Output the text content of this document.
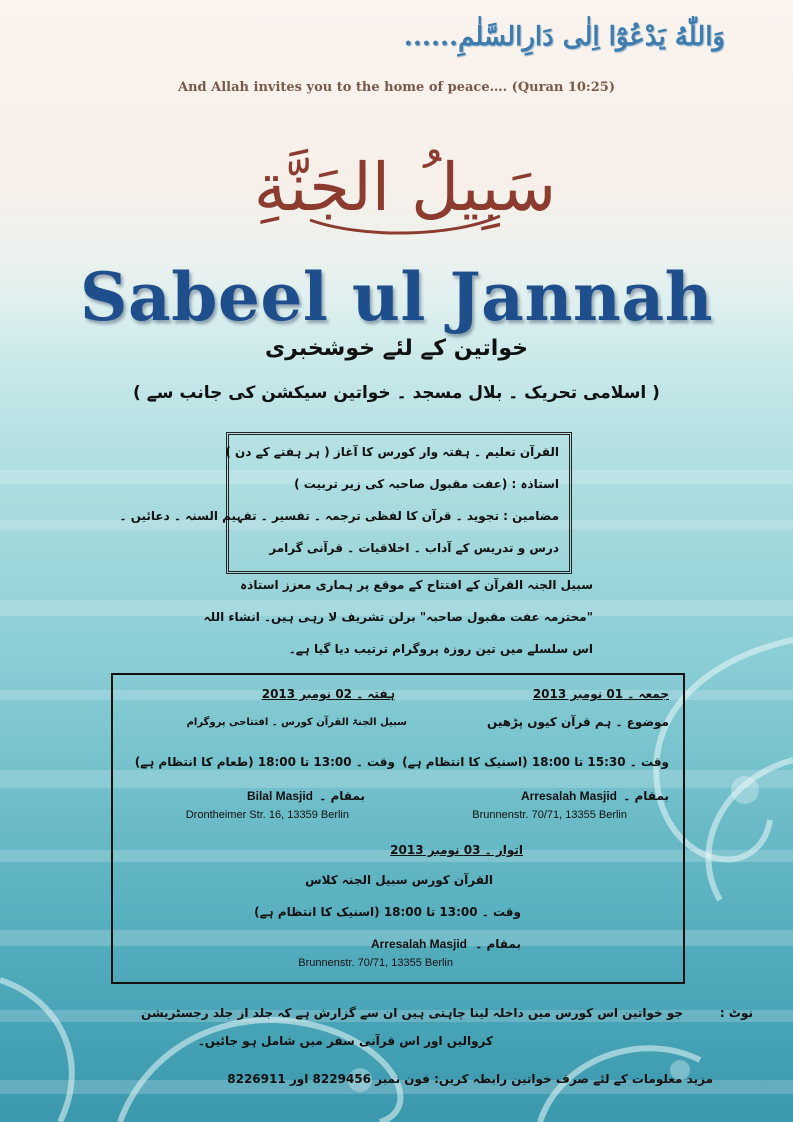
وَاللّٰهُ يَدْعُوْٓا اِلٰى دَارِالسَّلٰمِ......
And Allah invites you to the home of peace…. (Quran 10:25)
سَبِيلُ الجَنَّةِ
Sabeel ul Jannah
خواتین کے لئے خوشخبری
( اسلامی تحریک ۔ بلال مسجد ۔ خواتین سیکشن کی جانب سے )
القرآن تعلیم ۔ ہفتہ وار کورس کا آغاز ( ہر ہفتے کے دن )
استاذہ : (عفت مقبول صاحبہ کی زیر تربیت )
مضامین : تجوید ۔ قرآن کا لفظی ترجمہ ۔ تفسیر ۔ تفہیم السنہ ۔ دعائیں ۔
درس و تدریس کے آداب ۔ اخلاقیات ۔ قرآنی گرامر
سبیل الجنہ القرآن کے افتتاح کے موقع پر ہماری معزز استاذہ
"محترمہ عفت مقبول صاحبہ" برلن تشریف لا رہی ہیں۔ انشاء اللہ
اس سلسلے میں تین روزہ پروگرام ترتیب دیا گیا ہے۔
جمعہ ۔ 01 نومبر 2013
موضوع ۔ ہم قرآن کیوں پڑھیں
وقت ۔ 15:30 تا 18:00 (اسنیک کا انتظام ہے)
بمقام ۔
Arresalah Masjid
Brunnenstr. 70/71, 13355 Berlin
ہفتہ ۔ 02 نومبر 2013
سبیل الجنۃ القرآن کورس ۔ افتتاحی پروگرام
وقت ۔ 13:00 تا 18:00 (طعام کا انتظام ہے)
بمقام ۔
Bilal Masjid
Drontheimer Str. 16, 13359 Berlin
اتوار ۔ 03 نومبر 2013
القرآن کورس سبیل الجنہ کلاس
وقت ۔ 13:00 تا 18:00 (اسنیک کا انتظام ہے)
بمقام ۔
Arresalah Masjid
Brunnenstr. 70/71, 13355 Berlin
نوٹ :
جو خواتین اس کورس میں داخلہ لینا چاہتی ہیں ان سے گزارش ہے کہ جلد از جلد رجسٹریشن
کروالیں اور اس قرآنی سفر میں شامل ہو جائیں۔
مزید معلومات کے لئے صرف خواتین رابطہ کریں: فون نمبر 8229456 اور 8226911
